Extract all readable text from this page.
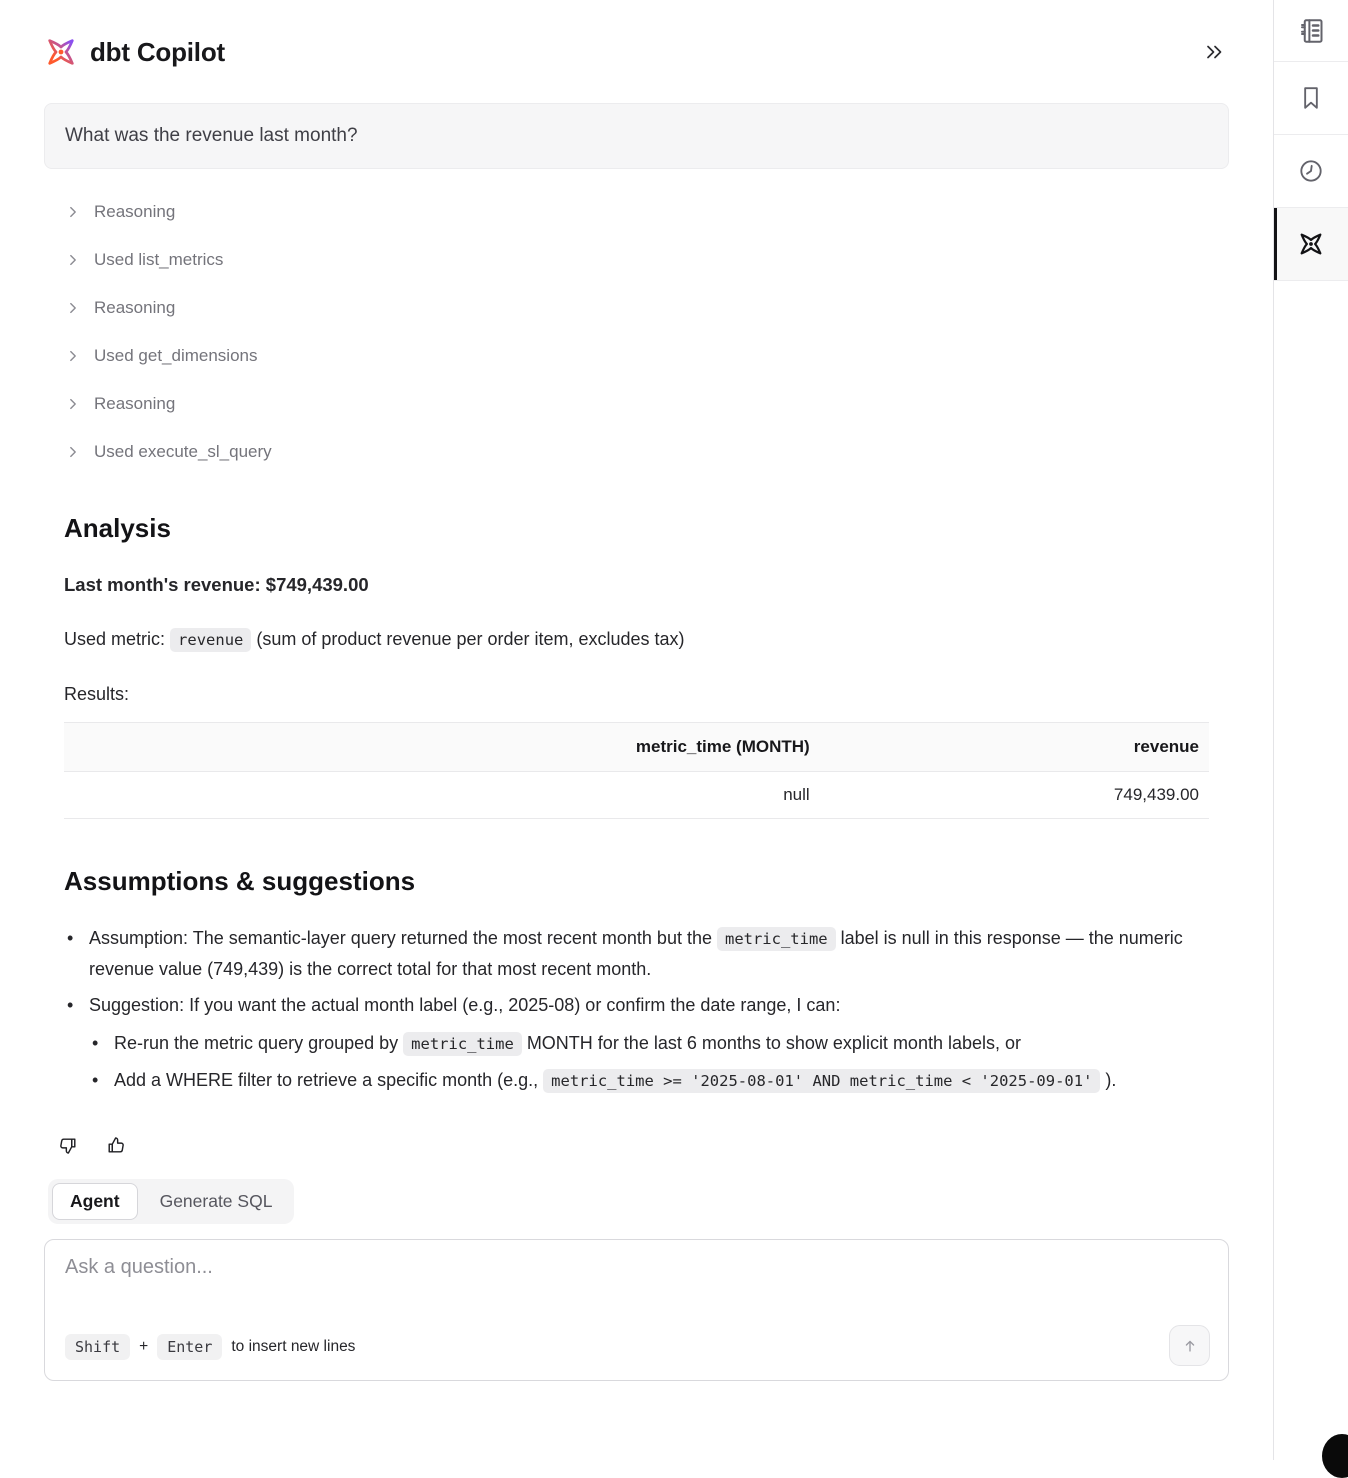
dbt Copilot
What was the revenue last month?
Reasoning
Used list_metrics
Reasoning
Used get_dimensions
Reasoning
Used execute_sl_query
Analysis

Last month's revenue: $749,439.00

Used metric: revenue (sum of product revenue per order item, excludes tax)

Results:

metric_time (MONTH)	revenue
null	749,439.00
Assumptions & suggestions
• Assumption: The semantic-layer query returned the most recent month but the metric_time label is null in this response — the numeric revenue value (749,439) is the correct total for that most recent month.
• Suggestion: If you want the actual month label (e.g., 2025-08) or confirm the date range, I can:
• Re-run the metric query grouped by metric_time MONTH for the last 6 months to show explicit month labels, or
• Add a WHERE filter to retrieve a specific month (e.g., metric_time >= '2025-08-01' AND metric_time < '2025-09-01' ).
Agent	Generate SQL
Ask a question...
Shift	+	Enter	to insert new lines
